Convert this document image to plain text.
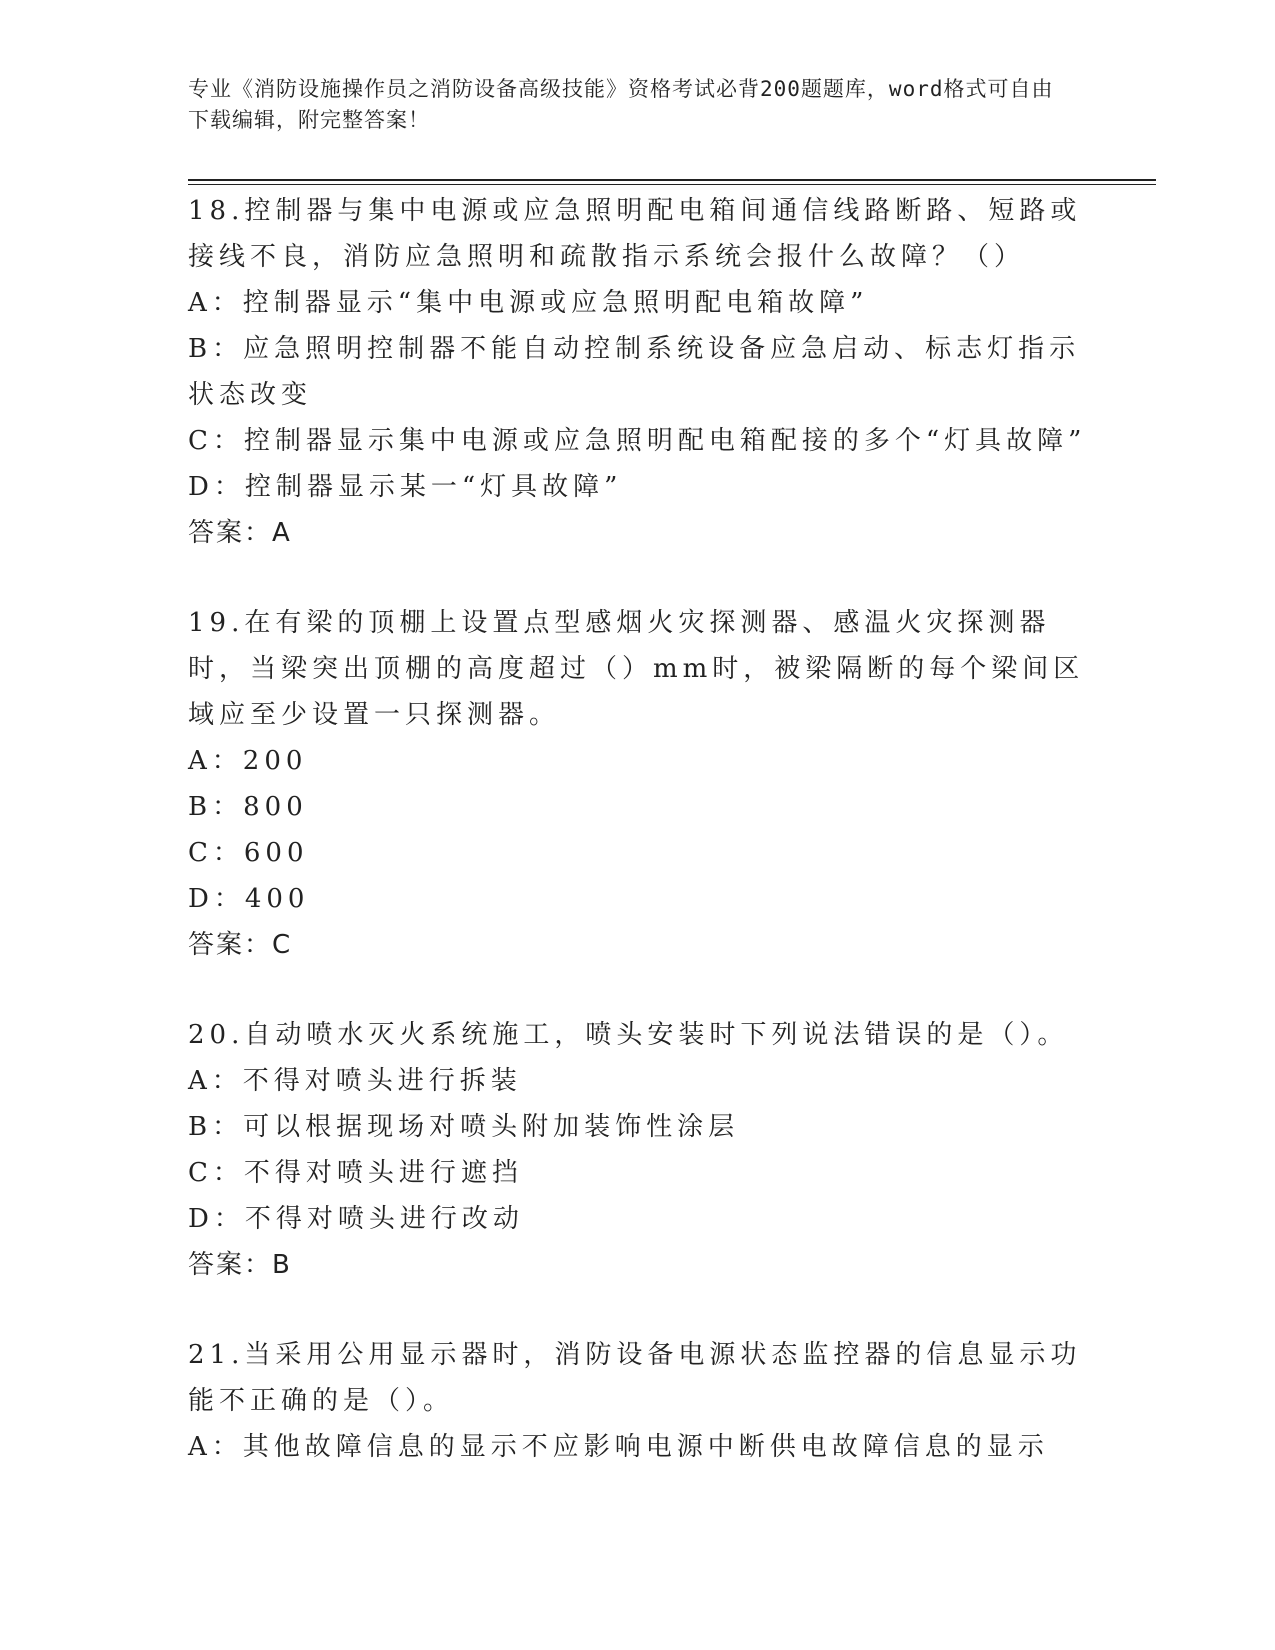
专业《消防设施操作员之消防设备高级技能》资格考试必背200题题库，word格式可自由下载编辑，附完整答案！
18.控制器与集中电源或应急照明配电箱间通信线路断路、短路或接线不良，消防应急照明和疏散指示系统会报什么故障？（）
A：控制器显示“集中电源或应急照明配电箱故障”
B：应急照明控制器不能自动控制系统设备应急启动、标志灯指示状态改变
C：控制器显示集中电源或应急照明配电箱配接的多个“灯具故障”
D：控制器显示某一“灯具故障”
答案：A
19.在有梁的顶棚上设置点型感烟火灾探测器、感温火灾探测器时，当梁突出顶棚的高度超过（）mm时，被梁隔断的每个梁间区域应至少设置一只探测器。
A：200
B：800
C：600
D：400
答案：C
20.自动喷水灭火系统施工，喷头安装时下列说法错误的是（）。
A：不得对喷头进行拆装
B：可以根据现场对喷头附加装饰性涂层
C：不得对喷头进行遮挡
D：不得对喷头进行改动
答案：B
21.当采用公用显示器时，消防设备电源状态监控器的信息显示功能不正确的是（）。
A：其他故障信息的显示不应影响电源中断供电故障信息的显示
